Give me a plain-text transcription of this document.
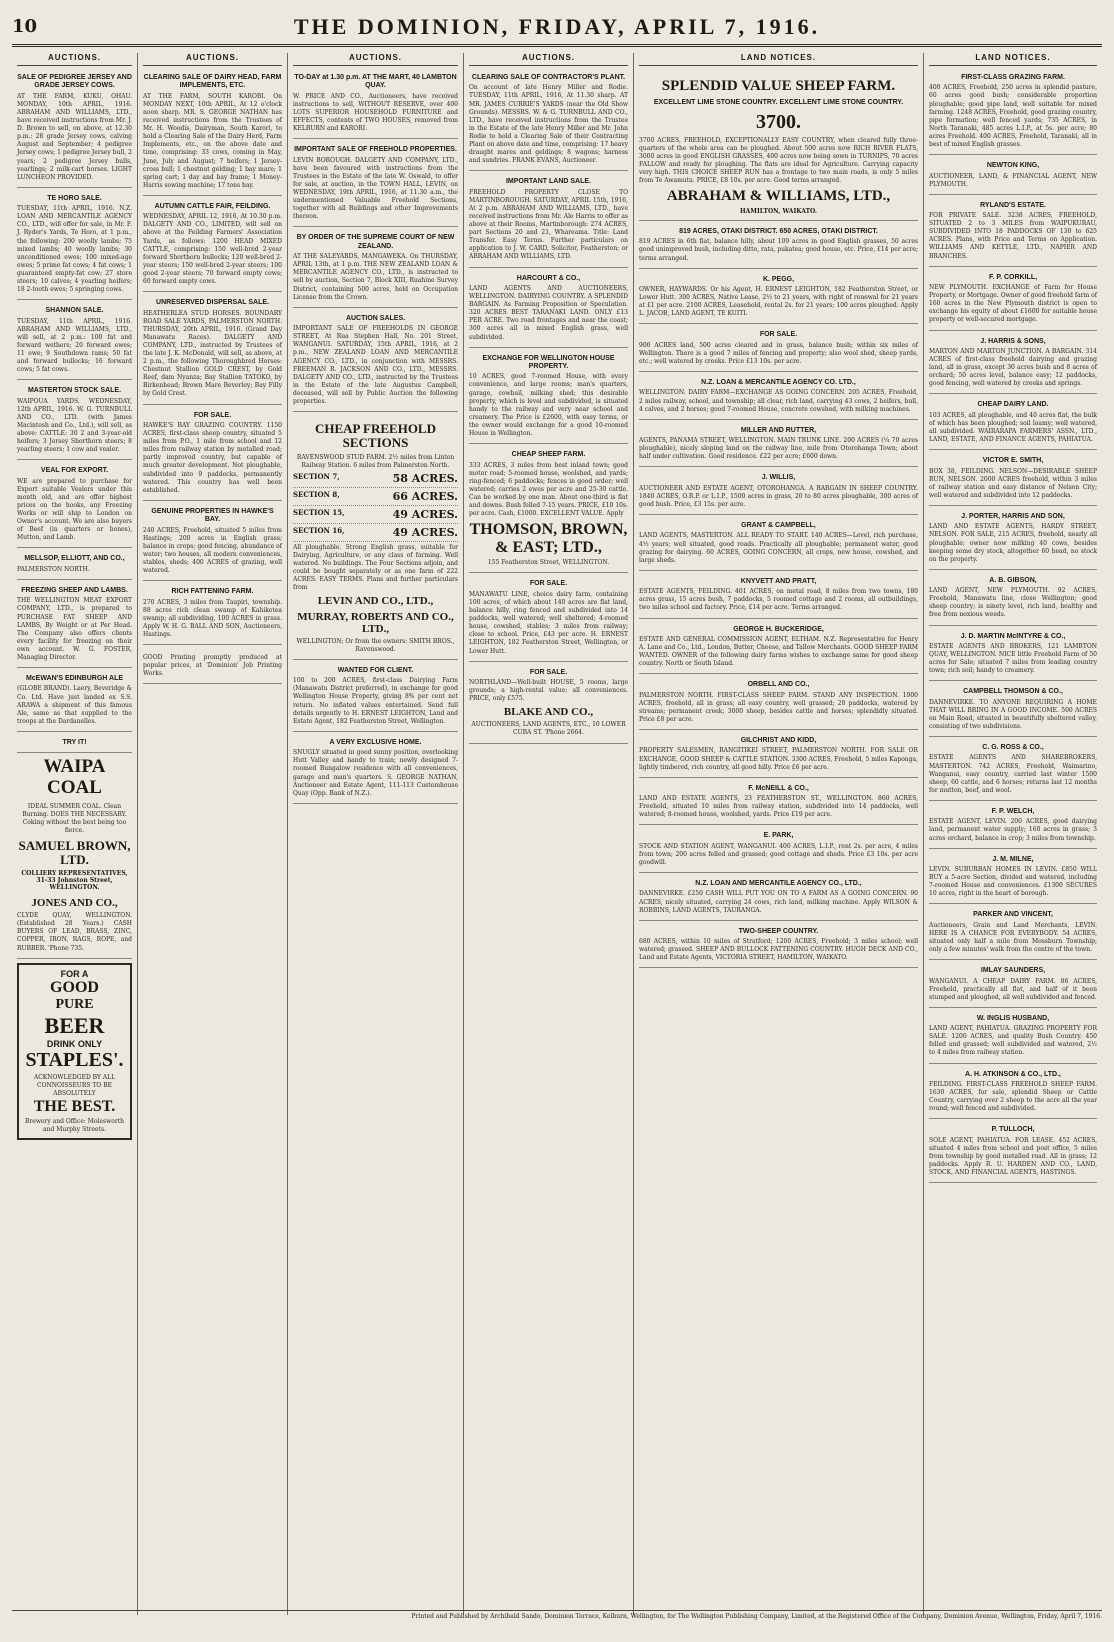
10	THE DOMINION, FRIDAY, APRIL 7, 1916.
AUCTIONS.
SALE OF PEDIGREE JERSEY AND GRADE JERSEY COWS.
AT THE FARM, KUKU, OHAU. MONDAY, 10th APRIL, 1916. ABRAHAM AND WILLIAMS, LTD., have received instructions from Mr. J. D. Brown to sell, on above, at 12.30 p.m.: 28 grade Jersey cows, calving August and September; 4 pedigree Jersey cows; 1 pedigree Jersey bull, 2 years; 2 pedigree Jersey bulls, yearlings; 2 milk-cart horses. LIGHT LUNCHEON PROVIDED.
TE HORO SALE.
TUESDAY, 11th APRIL, 1916. N.Z. LOAN AND MERCANTILE AGENCY CO., LTD., will offer for sale, in Mr. F. J. Ryder's Yards, Te Horo, at 1 p.m., the following: 200 woolly lambs; 75 mixed lambs; 40 woolly lambs; 30 unconditioned ewes; 100 mixed-age ewes; 5 prime fat cows; 4 fat cows; 1 guaranteed empty-fat cow; 27 store steers; 10 calves; 4 yearling heifers; 18 2-tooth ewes; 5 springing cows.
SHANNON SALE.
TUESDAY, 11th APRIL, 1916. ABRAHAM AND WILLIAMS, LTD., will sell, at 2 p.m.: 100 fat and forward wethers; 20 forward ewes; 11 ewe; 9 Southdown rams; 50 fat and forward bullocks; 16 forward cows; 5 fat cows.
MASTERTON STOCK SALE.
WAIPOUA YARDS. WEDNESDAY, 12th APRIL, 1916. W. G. TURNBULL AND CO., LTD. (with James Macintosh and Co., Ltd.), will sell, as above: CATTLE: 30 2 and 3-year-old heifers; 3 Jersey Shorthorn steers; 8 yearling steers; 1 cow and vealer.
VEAL FOR EXPORT.
WE are prepared to purchase for Export suitable Vealers under this month old, and are offer highest prices on the hooks, any Freezing Works or will ship to London on Owner's account. We are also buyers of Beef (in quarters or bones), Mutton, and Lamb.
MELLSOP, ELLIOTT, AND CO.,
PALMERSTON NORTH.
FREEZING SHEEP AND LAMBS.
THE WELLINGTON MEAT EXPORT COMPANY, LTD., is prepared to PURCHASE FAT SHEEP AND LAMBS, By Weight or at Per Head. The Company also offers clients every facility for freezing on their own account. W. G. FOSTER, Managing Director.
McEWAN'S EDINBURGH ALE
(GLOBE BRAND). Laery, Beveridge & Co. Ltd. Have just landed ex S.S. ARAWA a shipment of this famous Ale, same as that supplied to the troops at the Dardanelles.
TRY IT!
WAIPA COAL
IDEAL SUMMER COAL. Clean Burning. DOES THE NECESSARY. Coking without the best being too fierce.
SAMUEL BROWN, LTD.
COLLIERY REPRESENTATIVES, 31-33 Johnston Street, WELLINGTON.
JONES AND CO.,
CLYDE QUAY, WELLINGTON. (Established 28 Years.) CASH BUYERS OF LEAD, BRASS, ZINC, COPPER, IRON, RAGS, ROPE, and RUBBER. 'Phone 735.
FOR A
GOOD
PURE
BEER
DRINK ONLY
STAPLES'.
ACKNOWLEDGED BY ALL CONNOISSEURS TO BE ABSOLUTELY
THE BEST.
Brewery and Office: Molesworth and Murphy Streets.
AUCTIONS.
CLEARING SALE OF DAIRY HEAD, FARM IMPLEMENTS, ETC.
AT THE FARM, SOUTH KAROBI. On MONDAY NEXT, 10th APRIL, At 12 o'clock noon sharp. MR. S. GEORGE NATHAN has received instructions from the Trustees of Mr. H. Woodis, Dairyman, South Karori, to hold a Clearing Sale of the Dairy Herd, Farm Implements, etc., on the above date and time, comprising: 33 cows, coming in May, June, July and August; 7 heifers; 1 Jersey-cross bull; 1 chestnut gelding; 1 bay mare; 1 spring cart; 1 day and bay frame; 1 Money-Harris sowing machine; 17 tons hay.
AUTUMN CATTLE FAIR, FEILDING.
WEDNESDAY, APRIL 12, 1916, At 10.30 p.m. DALGETY AND CO., LIMITED, will sell on above at the Feilding Farmers' Association Yards, as follows: 1200 HEAD MIXED CATTLE, comprising: 150 well-bred 2-year forward Shorthorn bullocks; 120 well-bred 2-year steers; 150 well-bred 2-year steers; 100 good 2-year steers; 70 forward empty cows; 60 forward empty cows.
UNRESERVED DISPERSAL SALE.
HEATHERLEA STUD HORSES. BOUNDARY ROAD SALE YARDS, PALMERSTON NORTH. THURSDAY, 20th APRIL, 1916. (Grand Day Manawatu Races). DALGETY AND COMPANY, LTD., instructed by Trustees of the late J. K. McDonald, will sell, as above, at 2 p.m., the following Thoroughbred Horses: Chestnut Stallion GOLD CREST, by Gold Reef, dam Nyanza; Bay Stallion TATOKO, by Birkenhead; Brown Mare Beverley; Bay Filly by Gold Crest.
FOR SALE.
HAWKE'S BAY GRAZING COUNTRY. 1150 ACRES, first-class sheep country, situated 5 miles from P.O., 1 mile from school and 12 miles from railway station by metalled road; partly improved country, but capable of much greater development. Not ploughable, subdivided into 9 paddocks, permanently watered. This country has well been established.
GENUINE PROPERTIES IN HAWKE'S BAY.
240 ACRES, Freehold, situated 5 miles from Hastings; 200 acres in English grass; balance in crops; good fencing, abundance of water; two houses, all modern conveniences, stables, sheds; 400 ACRES of grazing, well watered.
RICH FATTENING FARM.
270 ACRES, 3 miles from Taupiri, township. 88 acres rich clean swamp of Kahiketea swamp; all subdividing, 100 ACRES in grass. Apply W. H. G. BALL AND SON, Auctioneers, Hastings.
GOOD Printing promptly produced at popular prices, at 'Dominion' Job Printing Works.
AUCTIONS.
TO-DAY at 1.30 p.m. AT THE MART, 40 LAMBTON QUAY.
W. PRICE AND CO., Auctioneers, have received instructions to sell, WITHOUT RESERVE, over 400 LOTS SUPERIOR HOUSEHOLD FURNITURE and EFFECTS, contents of TWO HOUSES, removed from KELBURN and KARORI.
IMPORTANT SALE OF FREEHOLD PROPERTIES.
LEVIN BOROUGH. DALGETY AND COMPANY, LTD., have been favoured with instructions from the Trustees in the Estate of the late W. Oswald, to offer for sale, at auction, in the TOWN HALL, LEVIN, on WEDNESDAY, 19th APRIL, 1916, at 11.30 a.m., the undermentioned Valuable Freehold Sections, together with all Buildings and other Improvements thereon.
BY ORDER OF THE SUPREME COURT OF NEW ZEALAND.
AT THE SALEYARDS, MANGAWEKA. On THURSDAY, APRIL 13th, at 1 p.m. THE NEW ZEALAND LOAN & MERCANTILE AGENCY CO., LTD., is instructed to sell by auction, Section 7, Block XIII, Ruahine Survey District, containing 500 acres, held on Occupation License from the Crown.
AUCTION SALES.
IMPORTANT SALE OF FREEHOLDS IN GEORGE STREET, At Rua Stephen Hall, No. 201 Street, WANGANUI. SATURDAY, 15th APRIL, 1916, at 2 p.m., NEW ZEALAND LOAN AND MERCANTILE AGENCY CO., LTD., in conjunction with MESSRS. FREEMAN R. JACKSON AND CO., LTD., MESSRS. DALGETY AND CO., LTD., instructed by the Trustees in the Estate of the late Augustus Campbell, deceased, will sell by Public Auction the following properties.
CHEAP FREEHOLD SECTIONS
RAVENSWOOD STUD FARM. 2½ miles from Linton Railway Station. 6 miles from Palmerston North.
SECTION 7,	58 ACRES.
SECTION 8,	66 ACRES.
SECTION 15,	49 ACRES.
SECTION 16,	49 ACRES.
All ploughable. Strong English grass, suitable for Dairying, Agriculture, or any class of farming. Well watered. No buildings. The Four Sections adjoin, and could be bought separately or as one farm of 222 ACRES. EASY TERMS. Plans and further particulars from
LEVIN AND CO., LTD.,
MURRAY, ROBERTS AND CO., LTD.,
WELLINGTON; Or from the owners: SMITH BROS., Ravenswood.
WANTED FOR CLIENT.
100 to 200 ACRES, first-class Dairying Farm (Manawatu District preferred), in exchange for good Wellington House Property, giving 8% per cent net return. No inflated values entertained. Send full details urgently to H. ERNEST LEIGHTON, Land and Estate Agent, 182 Featherston Street, Wellington.
A VERY EXCLUSIVE HOME.
SNUGLY situated in good sunny position, overlooking Hutt Valley and handy to train; newly designed 7-roomed Bungalow residence with all conveniences, garage and man's quarters. S. GEORGE NATHAN, Auctioneer and Estate Agent, 111-113 Customhouse Quay (Opp. Bank of N.Z.).
AUCTIONS.
CLEARING SALE OF CONTRACTOR'S PLANT.
On account of late Henry Miller and Rodie. TUESDAY, 11th APRIL, 1916, At 11.30 sharp. AT MR. JAMES CURRIE'S YARDS (near the Old Show Grounds). MESSRS. W. & G. TURNBULL AND CO., LTD., have received instructions from the Trustee in the Estate of the late Henry Miller and Mr. John Rodie to hold a Clearing Sale of their Contracting Plant on above date and time, comprising: 17 heavy draught mares and geldings; 8 wagons; harness and sundries. FRANK EVANS, Auctioneer.
IMPORTANT LAND SALE.
FREEHOLD PROPERTY CLOSE TO MARTINBOROUGH. SATURDAY, APRIL 15th, 1916, At 2 p.m. ABRAHAM AND WILLIAMS, LTD., have received instructions from Mr. Ale Harris to offer as above at their Rooms, Martinborough: 274 ACRES, part Sections 20 and 21, Whareama. Title: Land Transfer. Easy Terms. Further particulars on application to J. W. CARD, Solicitor, Featherston; or ABRAHAM AND WILLIAMS, LTD.
HARCOURT & CO.,
LAND AGENTS AND AUCTIONEERS, WELLINGTON. DAIRYING COUNTRY. A SPLENDID BARGAIN. As Farming Proposition or Speculation. 320 ACRES BEST TARANAKI LAND. ONLY £13 PER ACRE. Two road frontages and near the coast; 300 acres all in mixed English grass, well subdivided.
EXCHANGE FOR WELLINGTON HOUSE PROPERTY.
10 ACRES, good 7-roomed House, with every convenience, and large rooms; man's quarters, garage, cowbail, milking shed; this desirable property, which is level and subdivided, is situated handy to the railway and very near school and creamery. The Price is £2600, with easy terms, or the owner would exchange for a good 10-roomed House in Wellington.
CHEAP SHEEP FARM.
333 ACRES, 3 miles from best inland town; good motor road; 5-roomed house, woolshed, and yards; ring-fenced; 6 paddocks; fences in good order; well watered; carries 2 ewes per acre and 25-30 cattle. Can be worked by one man. About one-third is flat and downs. Bush felled 7-15 years. PRICE, £10 10s. per acre. Cash, £1000. EXCELLENT VALUE. Apply
THOMSON, BROWN, & EAST; LTD.,
155 Featherston Street, WELLINGTON.
FOR SALE.
MANAWATU LINE, choice dairy farm, containing 100 acres, of which about 140 acres are flat land, balance hilly, ring fenced and subdivided into 14 paddocks, well watered; well sheltered; 4-roomed house, cowshed, stables; 3 miles from railway; close to school. Price, £43 per acre. H. ERNEST LEIGHTON, 182 Featherston Street, Wellington, or Lower Hutt.
FOR SALE.
NORTHLAND—Well-built HOUSE, 5 rooms, large grounds; a high-rental value; all conveniences. PRICE, only £575.
BLAKE AND CO.,
AUCTIONEERS, LAND AGENTS, ETC., 10 LOWER CUBA ST. 'Phone 2664.
LAND NOTICES.
SPLENDID VALUE SHEEP FARM.
EXCELLENT LIME STONE COUNTRY. EXCELLENT LIME STONE COUNTRY.
3700.
3700 ACRES, FREEHOLD, EXCEPTIONALLY EASY COUNTRY, when cleared fully three-quarters of the whole area can be ploughed. About 500 acres now RICH RIVER FLATS, 3000 acres in good ENGLISH GRASSES, 400 acres now being sown in TURNIPS, 70 acres FALLOW and ready for ploughing. The flats are ideal for Agriculture. Carrying capacity very high. THIS CHOICE SHEEP RUN has a frontage to two main roads, is only 5 miles from Te Awamutu. PRICE, £8 10s. per acre. Good terms arranged.
ABRAHAM & WILLIAMS, LTD.,
HAMILTON, WAIKATO.
819 ACRES, OTAKI DISTRICT. 650 ACRES, OTAKI DISTRICT.
819 ACRES in 6th flat, balance hilly, about 109 acres in good English grasses, 50 acres good unimproved bush, including ditto, rata, pukatea; good house, etc. Price, £14 per acre; terms arranged.
K. PEGG,
OWNER, HAYWARDS. Or his Agent, H. ERNEST LEIGHTON, 182 Featherston Street, or Lower Hutt. 300 ACRES, Native Lease, 2½ to 21 years, with right of renewal for 21 years at £1 per acre. 2100 ACRES, Leasehold, rental 2s. for 21 years; 100 acres ploughed. Apply L. JACOB, LAND AGENT, TE KUITI.
FOR SALE.
900 ACRES land, 500 acres cleared and in grass, balance bush; within six miles of Wellington. There is a good 7 miles of fencing and property; also wool shed, sheep yards, etc.; well watered by creeks. Price £13 10s. per acre.
N.Z. LOAN & MERCANTILE AGENCY CO. LTD.,
WELLINGTON. DAIRY FARM—EXCHANGE AS GOING CONCERN. 205 ACRES, Freehold, 2 miles railway, school, and township; all clear, rich land, carrying 43 cows, 2 heifers, bull, 4 calves, and 2 horses; good 7-roomed House, concrete cowshed, with milking machines.
MILLER AND RUTTER,
AGENTS, PANAMA STREET, WELLINGTON. MAIN TRUNK LINE. 200 ACRES (¼ 70 acres ploughable), nicely sloping land on the railway line, mile from Otorohanga Town; about half under cultivation. Good residence. £22 per acre; £600 down.
J. WILLIS,
AUCTIONEER AND ESTATE AGENT, OTOROHANGA. A BARGAIN IN SHEEP COUNTRY. 1840 ACRES, O.R.P. or L.I.P., 1500 acres in grass, 20 to 80 acres ploughable, 300 acres of good bush. Price, £3 15s. per acre.
GRANT & CAMPBELL,
LAND AGENTS, MASTERTON. ALL READY TO START. 140 ACRES—Level, rich purchase, 4½ years; well situated, good roads. Practically all ploughable; permanent water, good grazing for dairying. 60 ACRES, GOING CONCERN, all crops, new house, cowshed, and large sheds.
KNYVETT AND PRATT,
ESTATE AGENTS, FEILDING. 401 ACRES, on metal road, 8 miles from two towns, 180 acres grass, 15 acres bush, 7 paddocks, 5 roomed cottage and 2 rooms, all outbuildings, two miles school and factory. Price, £14 per acre. Terms arranged.
GEORGE H. BUCKERIDGE,
ESTATE AND GENERAL COMMISSION AGENT, ELTHAM. N.Z. Representative for Henry A. Lane and Co., Ltd., London, Butter, Cheese, and Tallow Merchants. GOOD SHEEP FARM WANTED. OWNER of the following dairy farms wishes to exchange same for good sheep country. North or South Island.
ORBELL AND CO.,
PALMERSTON NORTH. FIRST-CLASS SHEEP FARM. STAND ANY INSPECTION. 1900 ACRES, freehold, all in grass; all easy country, well grassed; 20 paddocks, watered by streams; permanent creek; 3000 sheep, besides cattle and horses; splendidly situated. Price £8 per acre.
GILCHRIST AND KIDD,
PROPERTY SALESMEN, RANGITIKEI STREET, PALMERSTON NORTH. FOR SALE OR EXCHANGE, GOOD SHEEP & CATTLE STATION. 3300 ACRES, Freehold, 5 miles Kaponga, lightly timbered, rich country, all good hilly. Price £6 per acre.
F. McNEILL & CO.,
LAND AND ESTATE AGENTS, 23 FEATHERSTON ST., WELLINGTON. 860 ACRES, Freehold, situated 10 miles from railway station, subdivided into 14 paddocks, well watered; 8-roomed house, woolshed, yards. Price £19 per acre.
E. PARK,
STOCK AND STATION AGENT, WANGANUI. 400 ACRES, L.I.P., rent 2s. per acre, 4 miles from town; 200 acres felled and grassed; good cottage and sheds. Price £3 10s. per acre goodwill.
N.Z. LOAN AND MERCANTILE AGENCY CO., LTD.,
DANNEVIRKE. £250 CASH WILL PUT YOU ON TO A FARM AS A GOING CONCERN. 90 ACRES, nicely situated, carrying 24 cows, rich land, milking machine. Apply WILSON & ROBBINS, LAND AGENTS, TAURANGA.
TWO-SHEEP COUNTRY.
680 ACRES, within 10 miles of Stratford; 1200 ACRES, Freehold; 3 miles school; well watered; grassed. SHEEP AND BULLOCK FATTENING COUNTRY. HUGH DECK AND CO., Land and Estate Agents, VICTORIA STREET, HAMILTON, WAIKATO.
LAND NOTICES.
FIRST-CLASS GRAZING FARM.
400 ACRES, Freehold, 250 acres in splendid pasture, 60 acres good bush; considerable proportion ploughable; good pipe land, well suitable for mixed farming. 1248 ACRES, Freehold, good grazing country, pipe formation; well fenced yards; 735 ACRES, in North Taranaki, 485 acres L.I.P., at 5s. per acre; 80 acres Freehold. 400 ACRES, Freehold, Taranaki, all in best of mixed English grasses.
NEWTON KING,
AUCTIONEER, LAND, & FINANCIAL AGENT, NEW PLYMOUTH.
RYLAND'S ESTATE.
FOR PRIVATE SALE. 3238 ACRES, FREEHOLD, SITUATED 2 to 3 MILES from WAIPUKURAU, SUBDIVIDED INTO 18 PADDOCKS OF 130 to 625 ACRES. Plans, with Price and Terms on Application. WILLIAMS AND KETTLE, LTD., NAPIER AND BRANCHES.
F. P. CORKILL,
NEW PLYMOUTH. EXCHANGE of Farm for House Property, or Mortgage. Owner of good freehold farm of 160 acres in the New Plymouth district is open to exchange his equity of about £1600 for suitable house property or well-secured mortgage.
J. HARRIS & SONS,
MARTON AND MARTON JUNCTION. A BARGAIN. 314 ACRES of first-class freehold dairying and grazing land, all in grass, except 30 acres bush and 8 acres of orchard; 50 acres level, balance easy; 12 paddocks, good fencing, well watered by creeks and springs.
CHEAP DAIRY LAND.
103 ACRES, all ploughable, and 40 acres flat, the bulk of which has been ploughed; soil loamy; well watered, all subdivided. WAIRARAPA FARMERS' ASSN., LTD., LAND, ESTATE, AND FINANCE AGENTS, PAHIATUA.
VICTOR E. SMITH,
BOX 38, FEILDING. NELSON—DESIRABLE SHEEP RUN, NELSON. 2000 ACRES freehold, within 3 miles of railway station and easy distance of Nelson City; well watered and subdivided into 12 paddocks.
J. PORTER, HARRIS AND SON,
LAND AND ESTATE AGENTS, HARDY STREET, NELSON. FOR SALE, 215 ACRES, freehold, nearly all ploughable; owner now milking 40 cows, besides keeping some dry stock, altogether 60 head, no stock on the property.
A. B. GIBSON,
LAND AGENT, NEW PLYMOUTH. 92 ACRES, Freehold, Manawatu line, close Wellington; good sheep country; is ninety level, rich land, healthy and free from noxious weeds.
J. D. MARTIN McINTYRE & CO.,
ESTATE AGENTS AND BROKERS, 121 LAMBTON QUAY, WELLINGTON. NICE little Freehold Farm of 50 acres for Sale; situated 7 miles from leading country town; rich soil; handy to creamery.
CAMPBELL THOMSON & CO.,
DANNEVIRKE. TO ANYONE REQUIRING A HOME THAT WILL BRING IN A GOOD INCOME. 500 ACRES on Main Road, situated in beautifully sheltered valley, consisting of two subdivisions.
C. G. ROSS & CO.,
ESTATE AGENTS AND SHAREBROKERS, MASTERTON. 742 ACRES, Freehold, Waimarino, Wanganui, easy country, carried last winter 1500 sheep, 60 cattle, and 6 horses; returns last 12 months for mutton, beef, and wool.
F. P. WELCH,
ESTATE AGENT, LEVIN. 200 ACRES, good dairying land, permanent water supply; 160 acres in grass; 3 acres orchard, balance in crop; 3 miles from township.
J. M. MILNE,
LEVIN. SUBURBAN HOMES IN LEVIN. £850 WILL BUY a 5-acre Section, divided and watered, including 7-roomed House and conveniences. £1300 SECURES 10 acres, right in the heart of borough.
PARKER AND VINCENT,
Auctioneers, Grain and Land Merchants, LEVIN. HERE IS A CHANCE FOR EVERYBODY. 54 ACRES, situated only half a mile from Mossburn Township; only a few minutes' walk from the centre of the town.
IMLAY SAUNDERS,
WANGANUI. A CHEAP DAIRY FARM. 86 ACRES, Freehold, practically all flat, and half of it been stumped and ploughed, all well subdivided and fenced.
W. INGLIS HUSBAND,
LAND AGENT, PAHIATUA. GRAZING PROPERTY FOR SALE. 1200 ACRES, and quality Bush Country. 450 felled and grassed; well subdivided and watered, 2½ to 4 miles from railway station.
A. H. ATKINSON & CO., LTD.,
FEILDING. FIRST-CLASS FREEHOLD SHEEP FARM. 1630 ACRES, for sale, splendid Sheep or Cattle Country, carrying over 2 sheep to the acre all the year round; well fenced and subdivided.
P. TULLOCH,
SOLE AGENT, PAHIATUA. FOR LEASE. 452 ACRES, situated 4 miles from school and post office, 5 miles from township by good metalled road. All in grass; 12 paddocks. Apply R. U. HARDEN AND CO., LAND, STOCK, AND FINANCIAL AGENTS, HASTINGS.
Printed and Published by Archibald Sando, Dominion Terrace, Kelburn, Wellington, for The Wellington Publishing Company, Limited, at the Registered Office of the Company, Dominion Avenue, Wellington, Friday, April 7, 1916.
